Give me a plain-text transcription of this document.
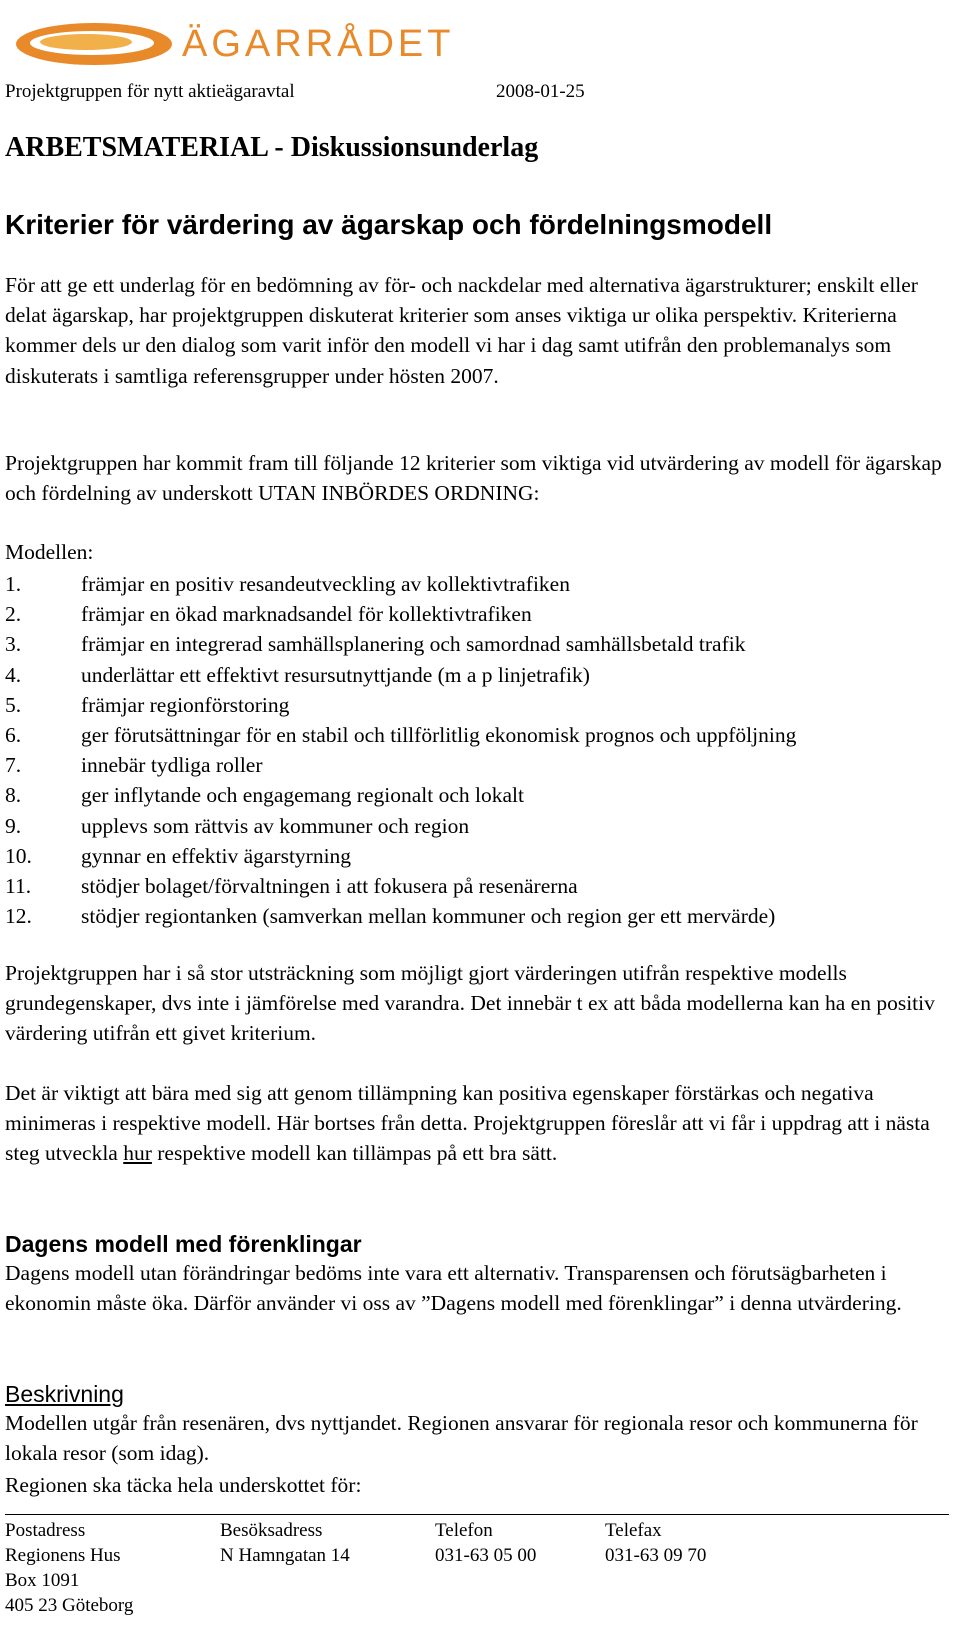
ÄGARRÅDET
Projektgruppen för nytt aktieägaravtal	2008-01-25
ARBETSMATERIAL - Diskussionsunderlag
Kriterier för värdering av ägarskap och fördelningsmodell
För att ge ett underlag för en bedömning av för- och nackdelar med alternativa ägarstrukturer; enskilt eller delat ägarskap, har projektgruppen diskuterat kriterier som anses viktiga ur olika perspektiv. Kriterierna kommer dels ur den dialog som varit inför den modell vi har i dag samt utifrån den problemanalys som diskuterats i samtliga referensgrupper under hösten 2007.
Projektgruppen har kommit fram till följande 12 kriterier som viktiga vid utvärdering av modell för ägarskap och fördelning av underskott UTAN INBÖRDES ORDNING:
Modellen:
1.	främjar en positiv resandeutveckling av kollektivtrafiken
2.	främjar en ökad marknadsandel för kollektivtrafiken
3.	främjar en integrerad samhällsplanering och samordnad samhällsbetald trafik
4.	underlättar ett effektivt resursutnyttjande (m a p linjetrafik)
5.	främjar regionförstoring
6.	ger förutsättningar för en stabil och tillförlitlig ekonomisk prognos och uppföljning
7.	innebär tydliga roller
8.	ger inflytande och engagemang regionalt och lokalt
9.	upplevs som rättvis av kommuner och region
10.	gynnar en effektiv ägarstyrning
11.	stödjer bolaget/förvaltningen i att fokusera på resenärerna
12.	stödjer regiontanken (samverkan mellan kommuner och region ger ett mervärde)
Projektgruppen har i så stor utsträckning som möjligt gjort värderingen utifrån respektive modells grundegenskaper, dvs inte i jämförelse med varandra. Det innebär t ex att båda modellerna kan ha en positiv värdering utifrån ett givet kriterium.
Det är viktigt att bära med sig att genom tillämpning kan positiva egenskaper förstärkas och negativa minimeras i respektive modell. Här bortses från detta. Projektgruppen föreslår att vi får i uppdrag att i nästa steg utveckla hur respektive modell kan tillämpas på ett bra sätt.
Dagens modell med förenklingar
Dagens modell utan förändringar bedöms inte vara ett alternativ. Transparensen och förutsägbarheten i ekonomin måste öka. Därför använder vi oss av ”Dagens modell med förenklingar” i denna utvärdering.
Beskrivning
Modellen utgår från resenären, dvs nyttjandet. Regionen ansvarar för regionala resor och kommunerna för lokala resor (som idag).
Regionen ska täcka hela underskottet för:
Postadress	Besöksadress	Telefon	Telefax
Regionens Hus	N Hamngatan 14	031-63 05 00	031-63 09 70
Box 1091
405 23 Göteborg
